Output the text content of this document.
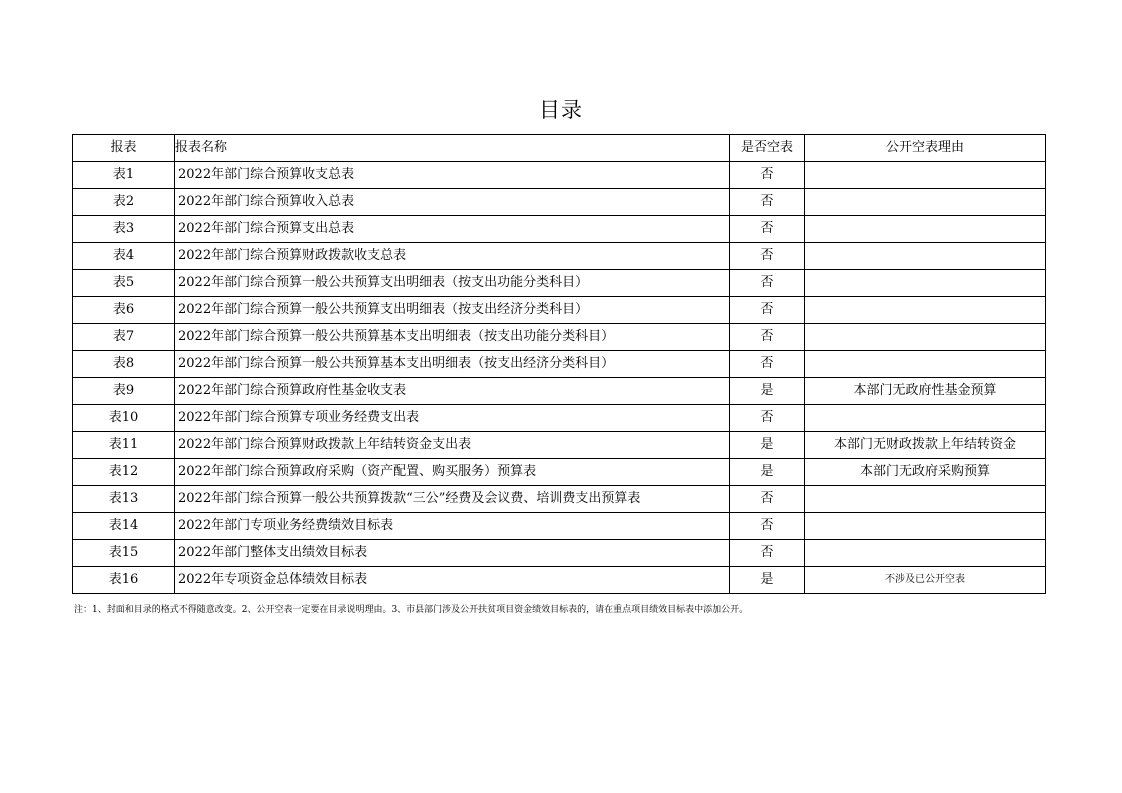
目录
报表	报表名称	是否空表	公开空表理由
表1	2022年部门综合预算收支总表	否	
表2	2022年部门综合预算收入总表	否	
表3	2022年部门综合预算支出总表	否	
表4	2022年部门综合预算财政拨款收支总表	否	
表5	2022年部门综合预算一般公共预算支出明细表（按支出功能分类科目）	否	
表6	2022年部门综合预算一般公共预算支出明细表（按支出经济分类科目）	否	
表7	2022年部门综合预算一般公共预算基本支出明细表（按支出功能分类科目）	否	
表8	2022年部门综合预算一般公共预算基本支出明细表（按支出经济分类科目）	否	
表9	2022年部门综合预算政府性基金收支表	是	本部门无政府性基金预算
表10	2022年部门综合预算专项业务经费支出表	否	
表11	2022年部门综合预算财政拨款上年结转资金支出表	是	本部门无财政拨款上年结转资金
表12	2022年部门综合预算政府采购（资产配置、购买服务）预算表	是	本部门无政府采购预算
表13	2022年部门综合预算一般公共预算拨款“三公”经费及会议费、培训费支出预算表	否	
表14	2022年部门专项业务经费绩效目标表	否	
表15	2022年部门整体支出绩效目标表	否	
表16	2022年专项资金总体绩效目标表	是	不涉及已公开空表
注：1、封面和目录的格式不得随意改变。2、公开空表一定要在目录说明理由。3、市县部门涉及公开扶贫项目资金绩效目标表的，请在重点项目绩效目标表中添加公开。
